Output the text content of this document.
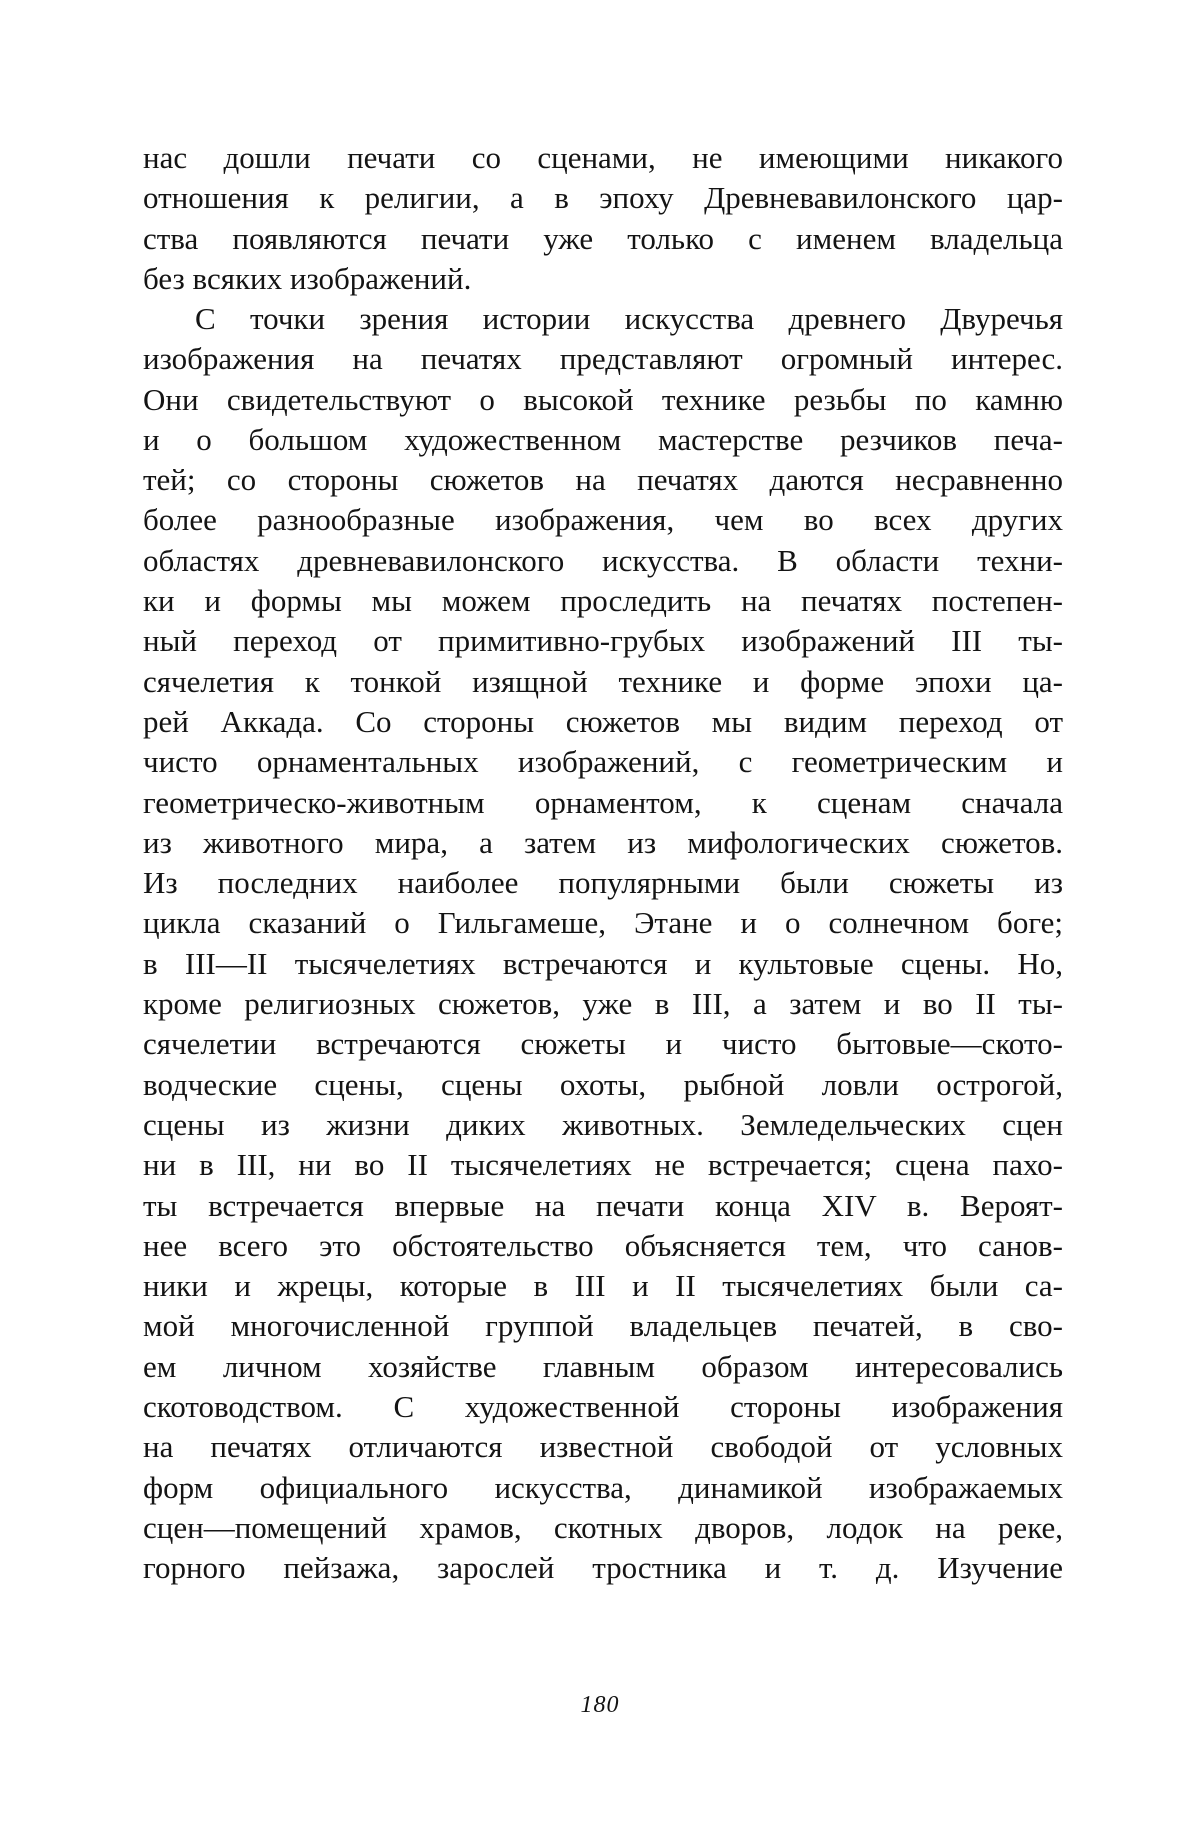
нас дошли печати со сценами, не имеющими никакого
отношения к религии, а в эпоху Древневавилонского цар-
ства появляются печати уже только с именем владельца
без всяких изображений.
С точки зрения истории искусства древнего Двуречья
изображения на печатях представляют огромный интерес.
Они свидетельствуют о высокой технике резьбы по камню
и о большом художественном мастерстве резчиков печа-
тей; со стороны сюжетов на печатях даются несравненно
более разнообразные изображения, чем во всех других
областях древневавилонского искусства. В области техни-
ки и формы мы можем проследить на печатях постепен-
ный переход от примитивно-грубых изображений III ты-
сячелетия к тонкой изящной технике и форме эпохи ца-
рей Аккада. Со стороны сюжетов мы видим переход от
чисто орнаментальных изображений, с геометрическим и
геометрическо-животным орнаментом, к сценам сначала
из животного мира, а затем из мифологических сюжетов.
Из последних наиболее популярными были сюжеты из
цикла сказаний о Гильгамеше, Этане и о солнечном боге;
в III—II тысячелетиях встречаются и культовые сцены. Но,
кроме религиозных сюжетов, уже в III, а затем и во II ты-
сячелетии встречаются сюжеты и чисто бытовые—ското-
водческие сцены, сцены охоты, рыбной ловли острогой,
сцены из жизни диких животных. Земледельческих сцен
ни в III, ни во II тысячелетиях не встречается; сцена пахо-
ты встречается впервые на печати конца XIV в. Вероят-
нее всего это обстоятельство объясняется тем, что санов-
ники и жрецы, которые в III и II тысячелетиях были са-
мой многочисленной группой владельцев печатей, в сво-
ем личном хозяйстве главным образом интересовались
скотоводством. С художественной стороны изображения
на печатях отличаются известной свободой от условных
форм официального искусства, динамикой изображаемых
сцен—помещений храмов, скотных дворов, лодок на реке,
горного пейзажа, зарослей тростника и т. д. Изучение
180
